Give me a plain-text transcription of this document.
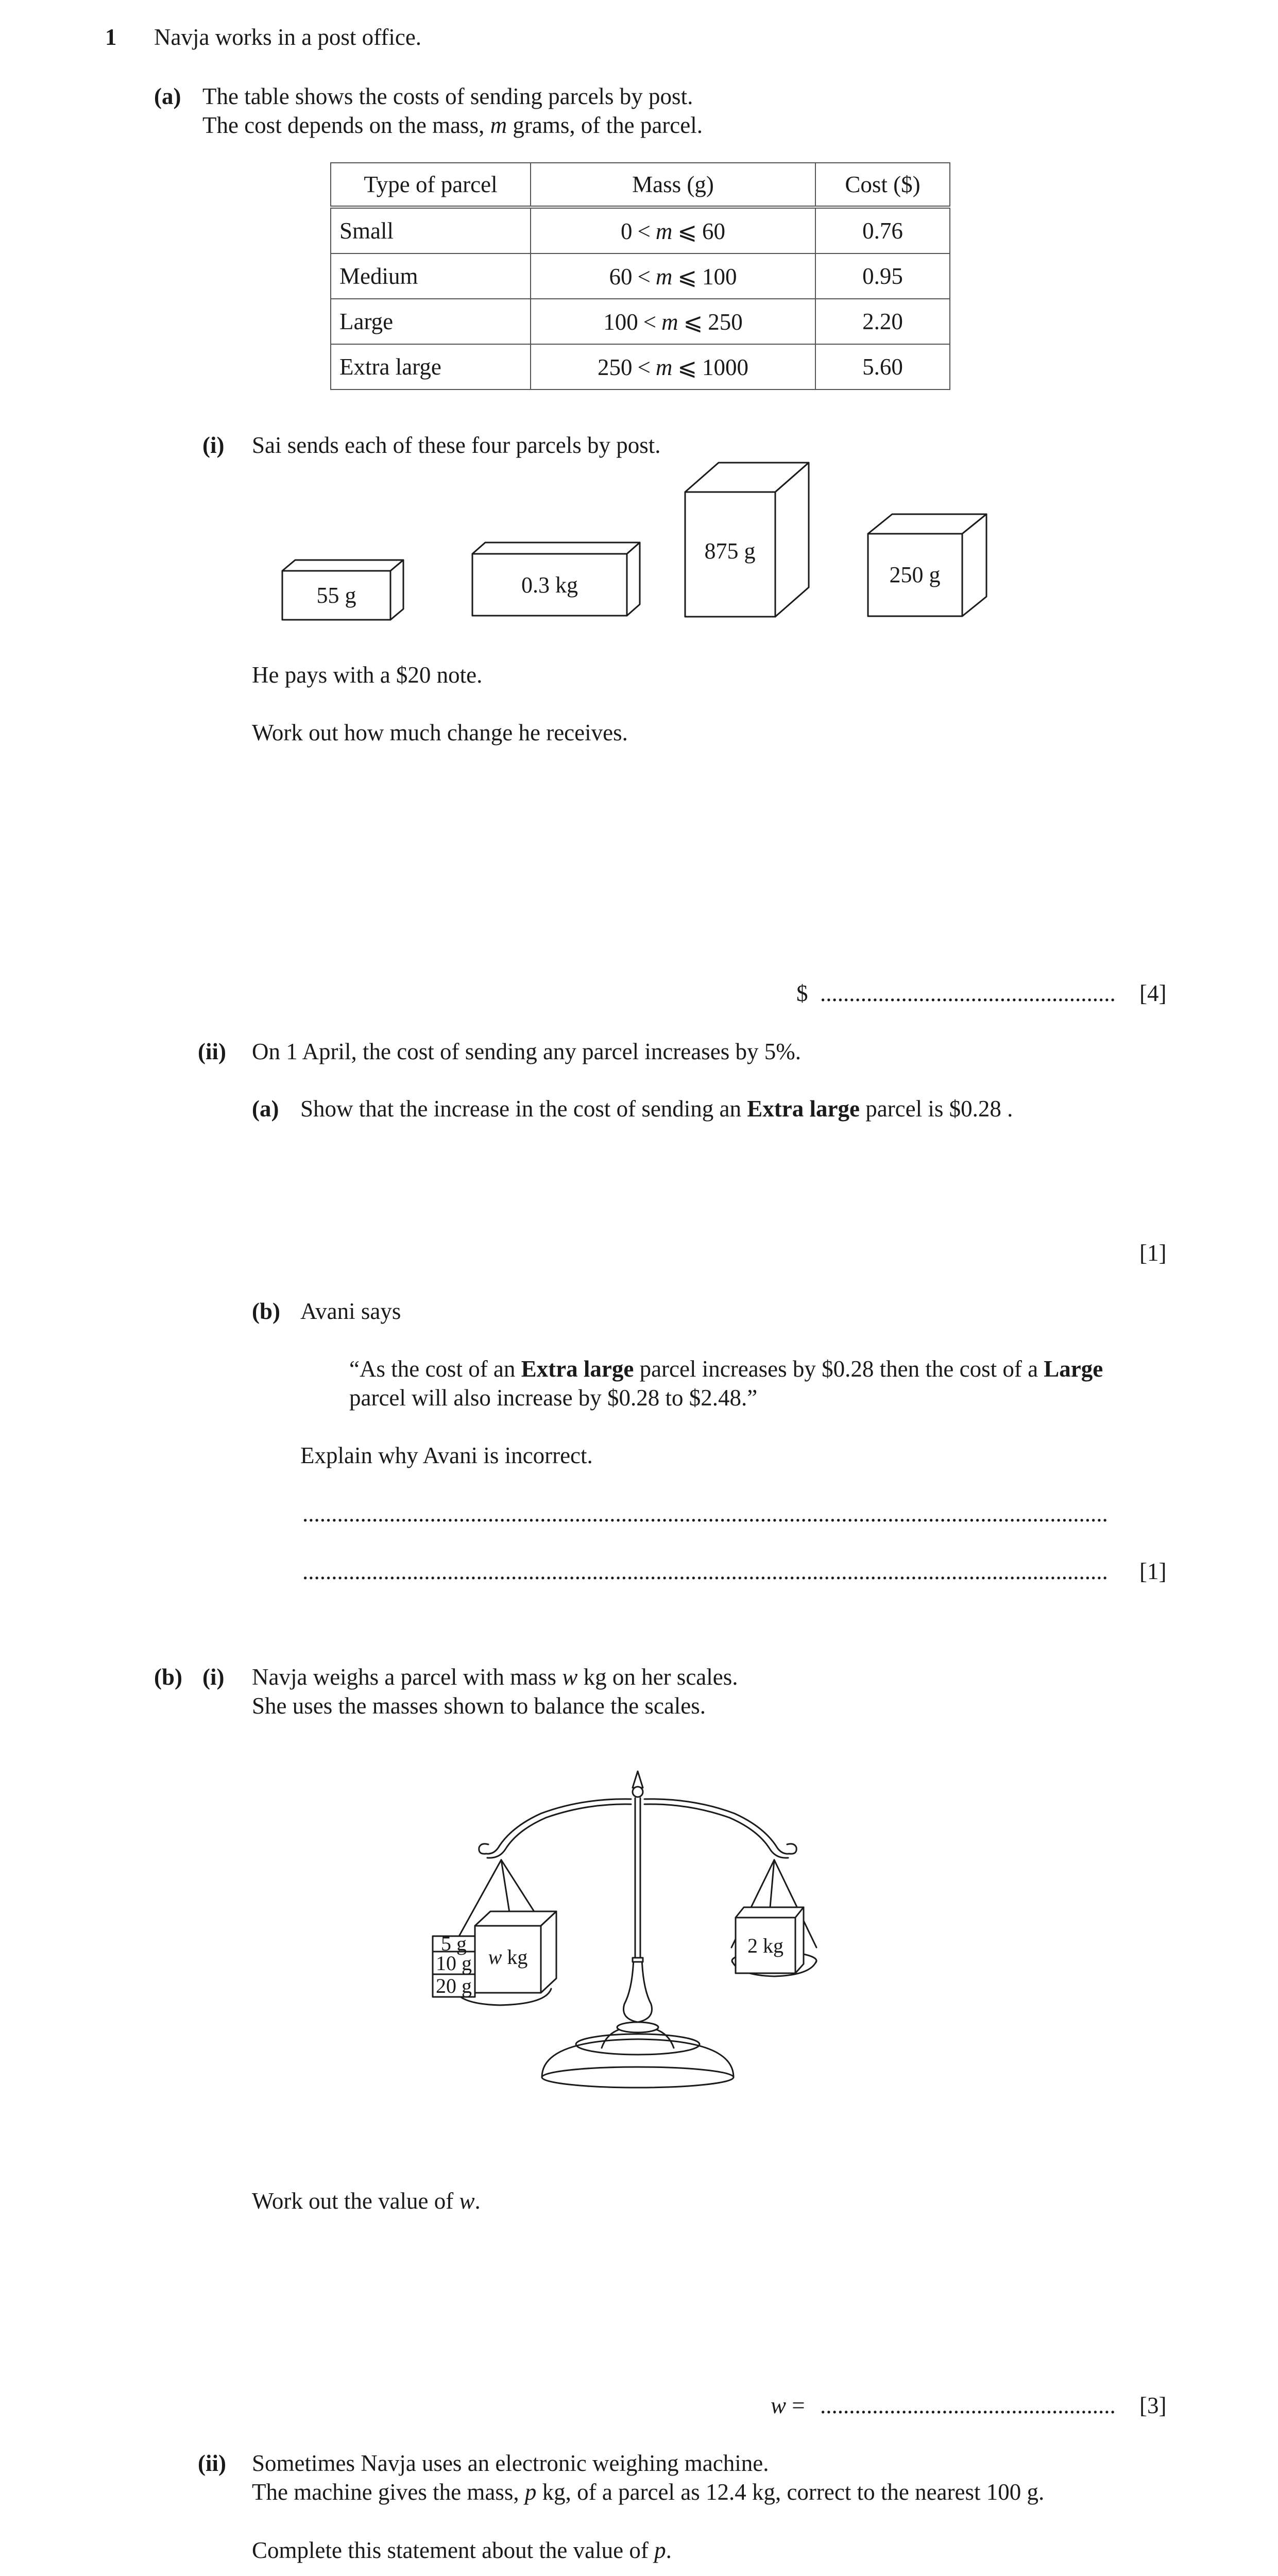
1 Navja works in a post office.
(a) The table shows the costs of sending parcels by post.
The cost depends on the mass, m grams, of the parcel.
Type of parcel	Mass (g)	Cost ($)
Small	0 < m ⩽ 60	0.76
Medium	60 < m ⩽ 100	0.95
Large	100 < m ⩽ 250	2.20
Extra large	250 < m ⩽ 1000	5.60
(i) Sai sends each of these four parcels by post.
55 g	0.3 kg
875 g
250 g
He pays with a $20 note.
Work out how much change he receives.
$ ................................................... [4]
(ii) On 1 April, the cost of sending any parcel increases by 5%.
(a) Show that the increase in the cost of sending an Extra large parcel is $0.28 .
[1]
(b) Avani says
“As the cost of an Extra large parcel increases by $0.28 then the cost of a Large
parcel will also increase by $0.28 to $2.48.”
Explain why Avani is incorrect.
...........................................................................................................................................
........................................................................................................................................... [1]
(b) (i) Navja weighs a parcel with mass w kg on her scales.
She uses the masses shown to balance the scales.
5 g
10 g
20 g
w kg	2 kg
Work out the value of w.
w = ................................................... [3]
(ii) Sometimes Navja uses an electronic weighing machine.
The machine gives the mass, p kg, of a parcel as 12.4 kg, correct to the nearest 100 g.
Complete this statement about the value of p.
